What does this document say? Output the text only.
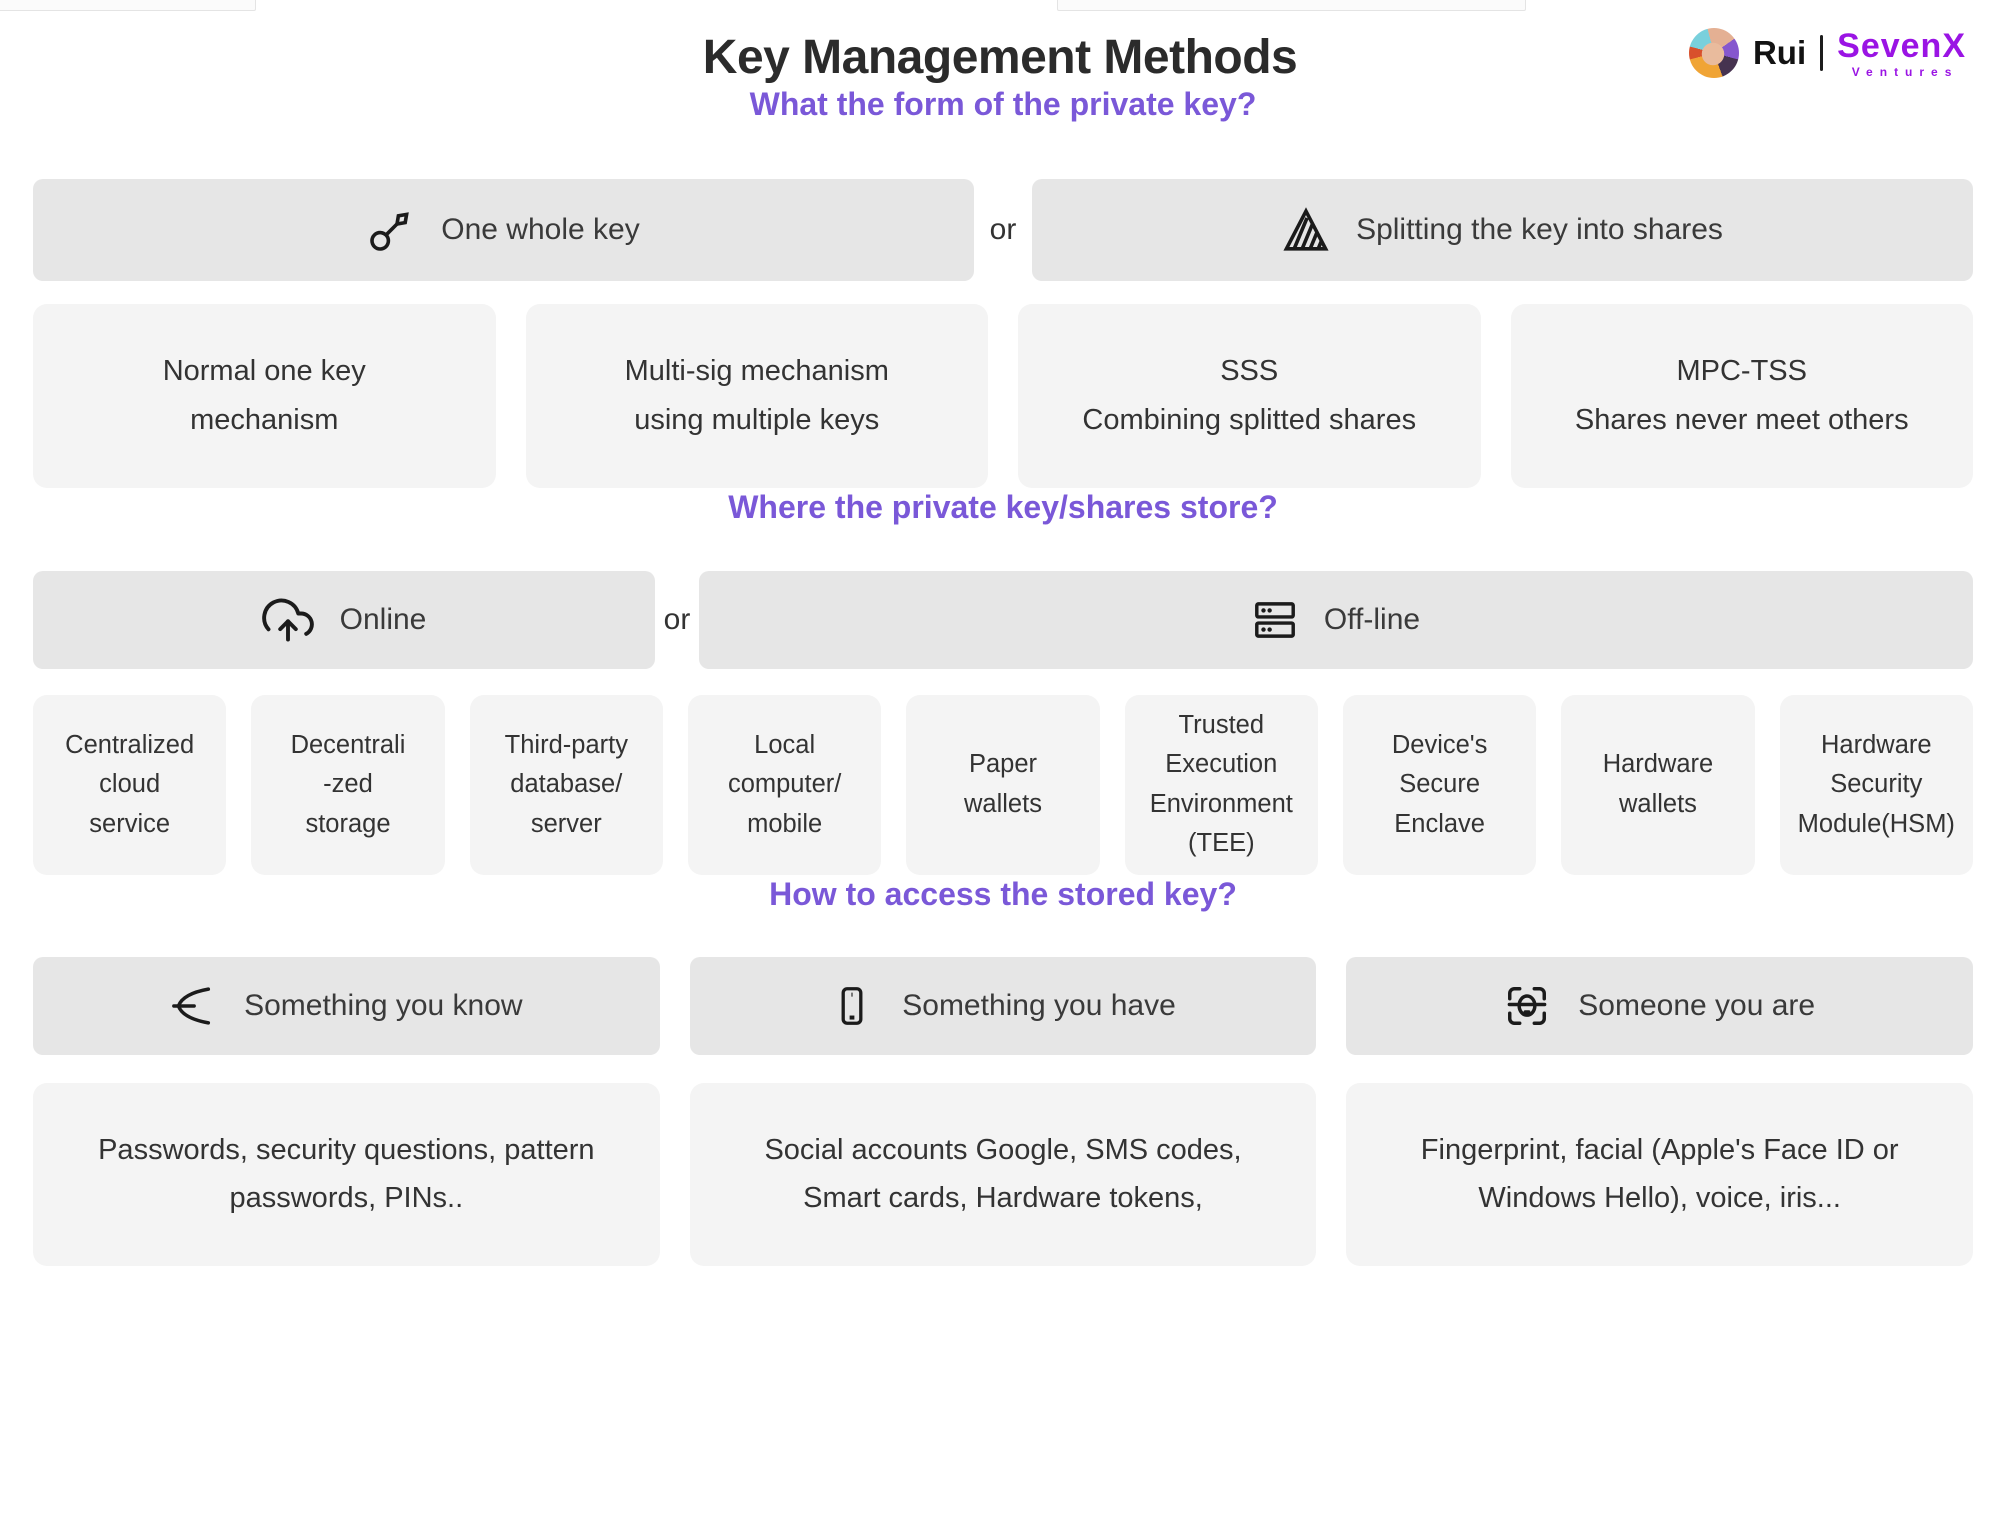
Key Management Methods	Rui SevenX
Ventures
What the form of the private key?
One whole key	or	Splitting the key into shares
Normal one key
mechanism
Multi-sig mechanism
using multiple keys
SSS
Combining splitted shares
MPC-TSS
Shares never meet others
Where the private key/shares store?
Online	or	Off-line
Centralized
cloud
service
Decentrali
-zed
storage
Third-party
database/
server
Local
computer/
mobile
Paper
wallets
Trusted
Execution
Environment
(TEE)
Device's
Secure
Enclave
Hardware
wallets
Hardware
Security
Module(HSM)
How to access the stored key?
Something you know	Something you have	Someone you are
Passwords, security questions, pattern
passwords, PINs..
Social accounts Google, SMS codes,
Smart cards, Hardware tokens,
Fingerprint, facial (Apple's Face ID or
Windows Hello), voice, iris...
